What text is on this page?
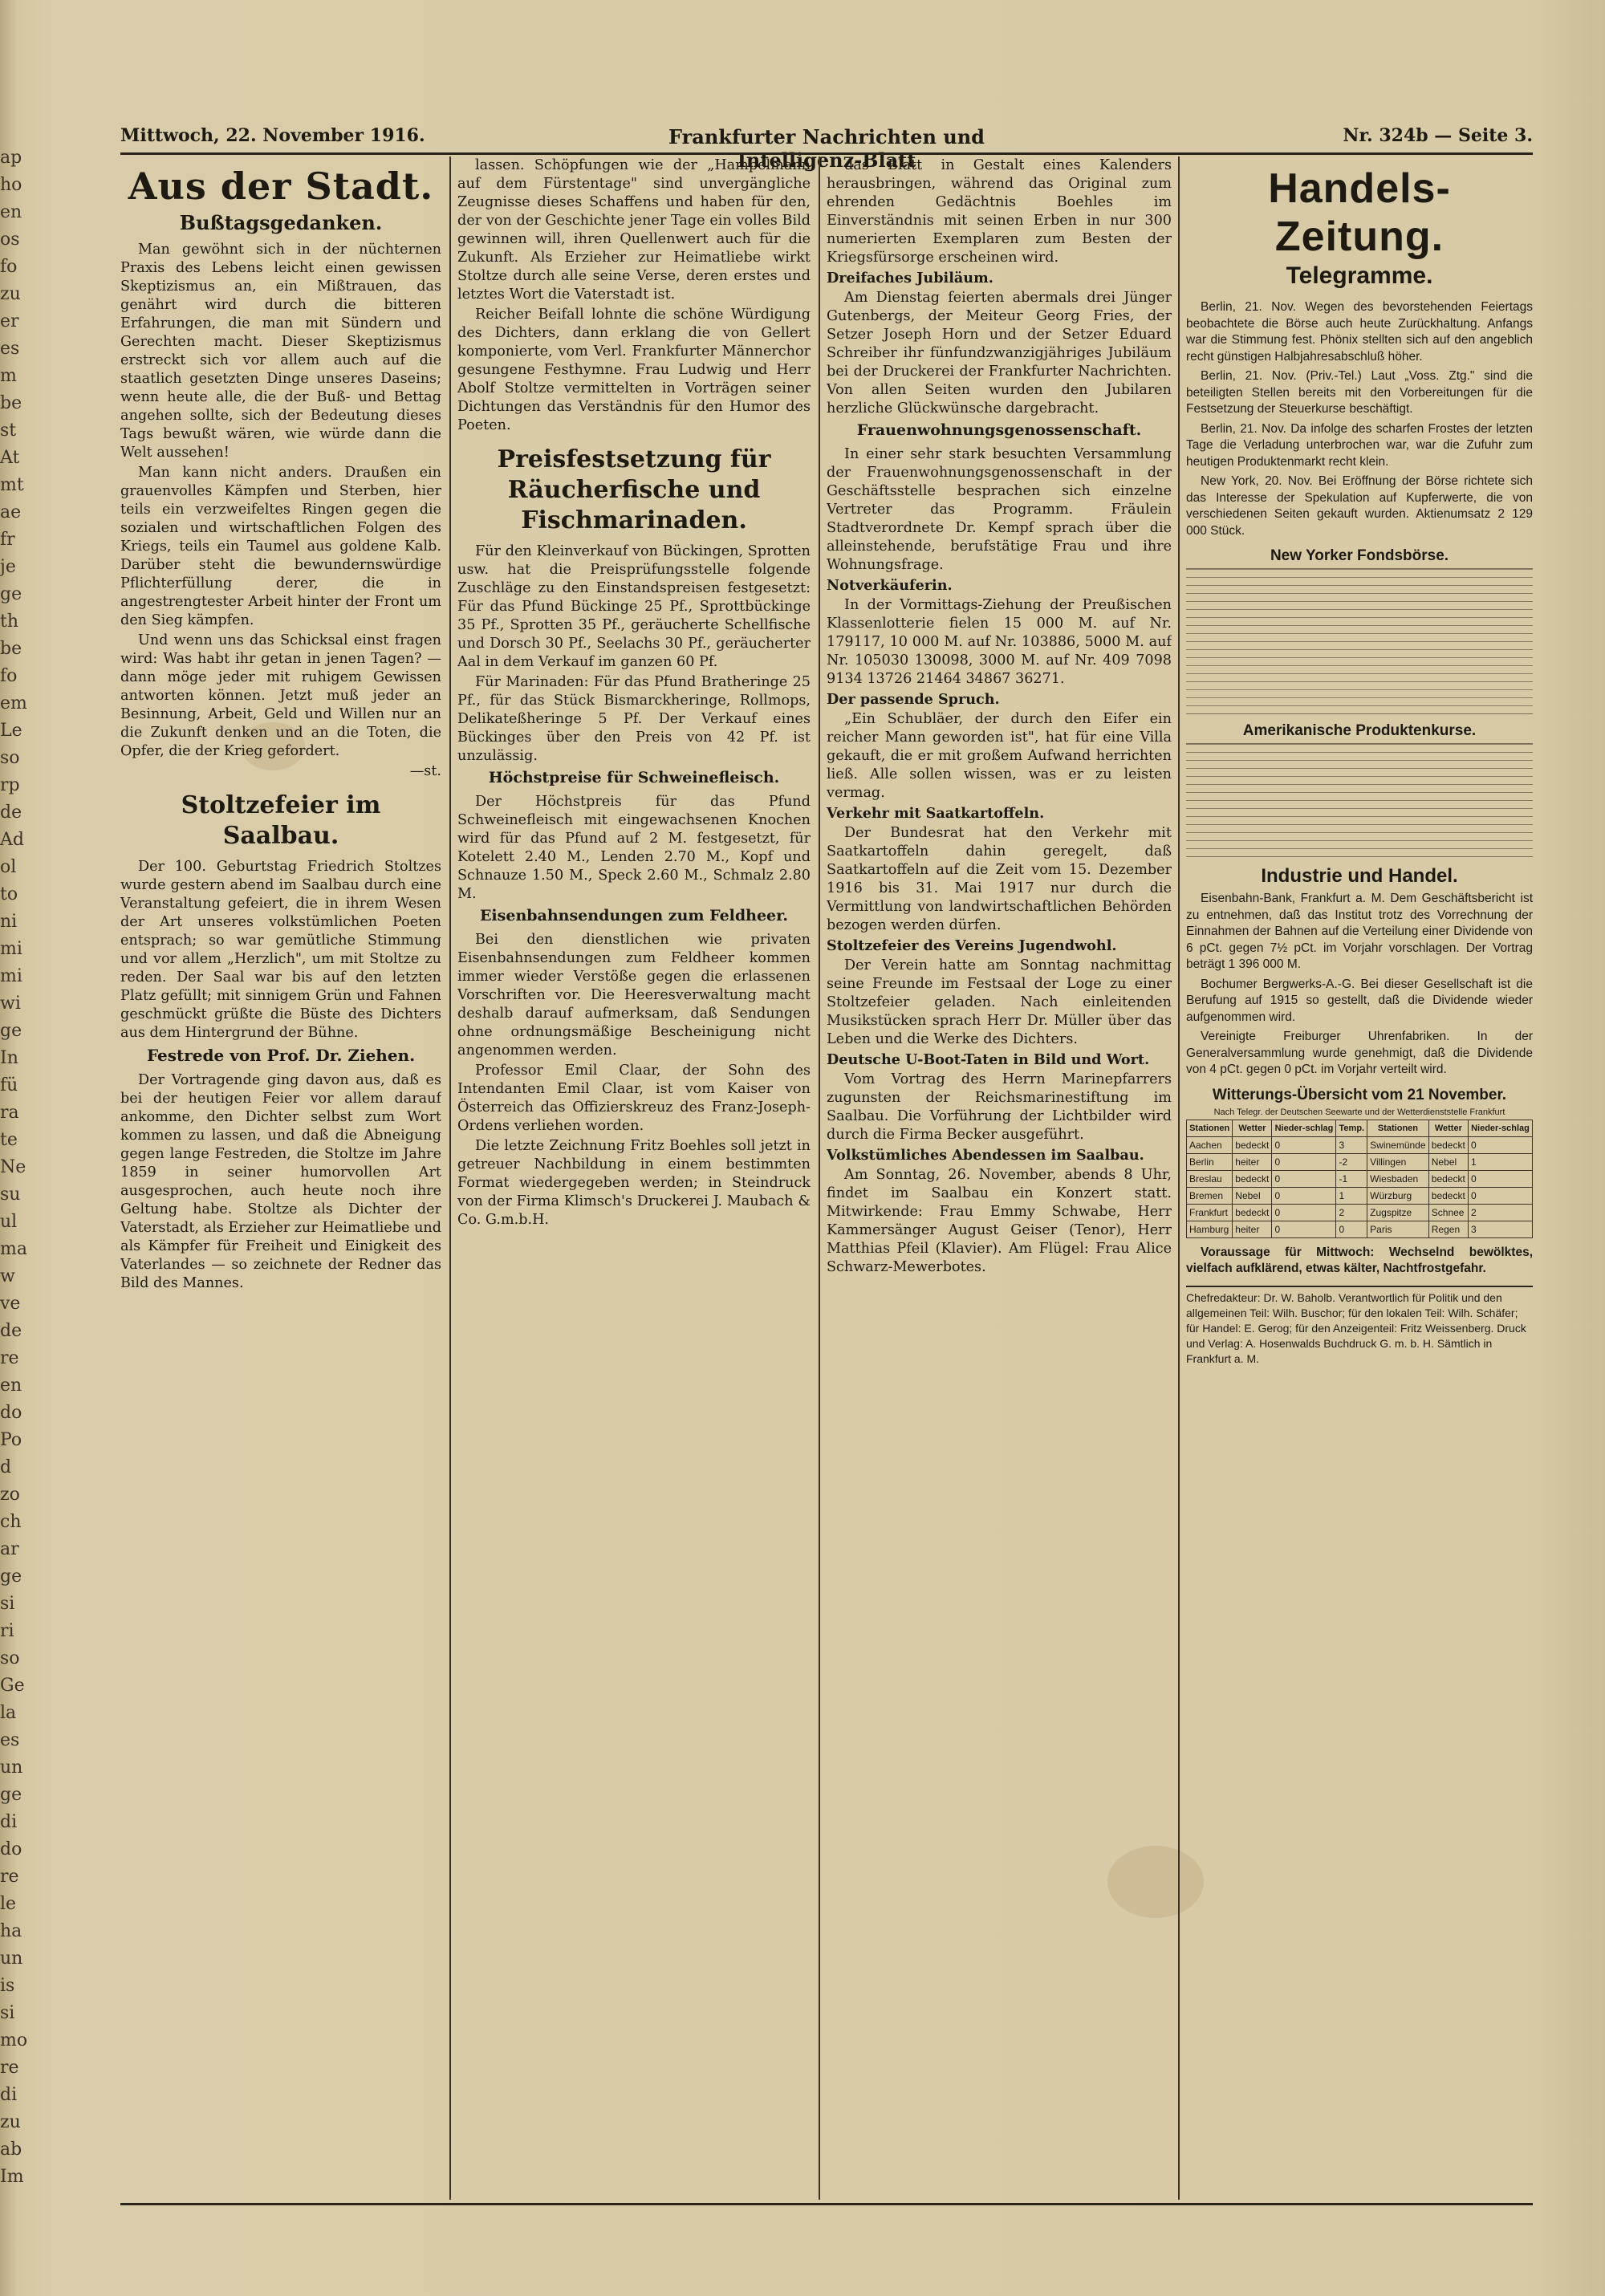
ap
ho
en
os
fo
zu
er
es
m
be
st
At
mt
ae
fr
je
ge
th
be
fo
em
Le
so
rp
de
Ad
ol
to
ni
mi
mi
wi
ge
In
fü
ra
te
Ne
su
ul
ma
w
ve
de
re
en
do
Po
d
zo
ch
ar
ge
si
ri
so
Ge
la
es
un
ge
di
do
re
le
ha
un
is
si
mo
re
di
zu
ab
Im
Mittwoch, 22. November 1916.	Frankfurter Nachrichten und Intelligenz-Blatt
Nr. 324b — Seite 3.
Aus der Stadt.
Bußtagsgedanken.

Man gewöhnt sich in der nüchternen Praxis des Lebens leicht einen gewissen Skeptizismus an, ein Mißtrauen, das genährt wird durch die bitteren Erfahrungen, die man mit Sündern und Gerechten macht. Dieser Skeptizismus erstreckt sich vor allem auch auf die staatlich gesetzten Dinge unseres Daseins; wenn heute alle, die der Buß- und Bettag angehen sollte, sich der Bedeutung dieses Tags bewußt wären, wie würde dann die Welt aussehen!

Man kann nicht anders. Draußen ein grauenvolles Kämpfen und Sterben, hier teils ein verzweifeltes Ringen gegen die sozialen und wirtschaftlichen Folgen des Kriegs, teils ein Taumel aus goldene Kalb. Darüber steht die bewundernswürdige Pflichterfüllung derer, die in angestrengtester Arbeit hinter der Front um den Sieg kämpfen.

Und wenn uns das Schicksal einst fragen wird: Was habt ihr getan in jenen Tagen? — dann möge jeder mit ruhigem Gewissen antworten können. Jetzt muß jeder an Besinnung, Arbeit, Geld und Willen nur an die Zukunft denken und an die Toten, die Opfer, die der Krieg gefordert.

—st.

Stoltzefeier im Saalbau.

Der 100. Geburtstag Friedrich Stoltzes wurde gestern abend im Saalbau durch eine Veranstaltung gefeiert, die in ihrem Wesen der Art unseres volkstümlichen Poeten entsprach; so war gemütliche Stimmung und vor allem „Herzlich", um mit Stoltze zu reden. Der Saal war bis auf den letzten Platz gefüllt; mit sinnigem Grün und Fahnen geschmückt grüßte die Büste des Dichters aus dem Hintergrund der Bühne.

Festrede von Prof. Dr. Ziehen.

Der Vortragende ging davon aus, daß es bei der heutigen Feier vor allem darauf ankomme, den Dichter selbst zum Wort kommen zu lassen, und daß die Abneigung gegen lange Festreden, die Stoltze im Jahre 1859 in seiner humorvollen Art ausgesprochen, auch heute noch ihre Geltung habe. Stoltze als Dichter der Vaterstadt, als Erzieher zur Heimatliebe und als Kämpfer für Freiheit und Einigkeit des Vaterlandes — so zeichnete der Redner das Bild des Mannes.

lassen. Schöpfungen wie der „Hampelmann auf dem Fürstentage" sind unvergängliche Zeugnisse dieses Schaffens und haben für den, der von der Geschichte jener Tage ein volles Bild gewinnen will, ihren Quellenwert auch für die Zukunft. Als Erzieher zur Heimatliebe wirkt Stoltze durch alle seine Verse, deren erstes und letztes Wort die Vaterstadt ist.

Reicher Beifall lohnte die schöne Würdigung des Dichters, dann erklang die von Gellert komponierte, vom Verl. Frankfurter Männerchor gesungene Festhymne. Frau Ludwig und Herr Abolf Stoltze vermittelten in Vorträgen seiner Dichtungen das Verständnis für den Humor des Poeten.

Preisfestsetzung für Räucherfische und Fischmarinaden.

Für den Kleinverkauf von Bückingen, Sprotten usw. hat die Preisprüfungsstelle folgende Zuschläge zu den Einstandspreisen festgesetzt: Für das Pfund Bückinge 25 Pf., Sprottbückinge 35 Pf., Sprotten 35 Pf., geräucherte Schellfische und Dorsch 30 Pf., Seelachs 30 Pf., geräucherter Aal in dem Verkauf im ganzen 60 Pf.

Für Marinaden: Für das Pfund Bratheringe 25 Pf., für das Stück Bismarckheringe, Rollmops, Delikateßheringe 5 Pf. Der Verkauf eines Bückinges über den Preis von 42 Pf. ist unzulässig.

Höchstpreise für Schweinefleisch.

Der Höchstpreis für das Pfund Schweinefleisch mit eingewachsenen Knochen wird für das Pfund auf 2 M. festgesetzt, für Kotelett 2.40 M., Lenden 2.70 M., Kopf und Schnauze 1.50 M., Speck 2.60 M., Schmalz 2.80 M.

Eisenbahnsendungen zum Feldheer.

Bei den dienstlichen wie privaten Eisenbahnsendungen zum Feldheer kommen immer wieder Verstöße gegen die erlassenen Vorschriften vor. Die Heeresverwaltung macht deshalb darauf aufmerksam, daß Sendungen ohne ordnungsmäßige Bescheinigung nicht angenommen werden.

Professor Emil Claar, der Sohn des Intendanten Emil Claar, ist vom Kaiser von Österreich das Offizierskreuz des Franz-Joseph-Ordens verliehen worden.

Die letzte Zeichnung Fritz Boehles soll jetzt in getreuer Nachbildung in einem bestimmten Format wiedergegeben werden; in Steindruck von der Firma Klimsch's Druckerei J. Maubach & Co. G.m.b.H.

das Blatt in Gestalt eines Kalenders herausbringen, während das Original zum ehrenden Gedächtnis Boehles im Einverständnis mit seinen Erben in nur 300 numerierten Exemplaren zum Besten der Kriegsfürsorge erscheinen wird.

Dreifaches Jubiläum.

Am Dienstag feierten abermals drei Jünger Gutenbergs, der Meiteur Georg Fries, der Setzer Joseph Horn und der Setzer Eduard Schreiber ihr fünfundzwanzigjähriges Jubiläum bei der Druckerei der Frankfurter Nachrichten. Von allen Seiten wurden den Jubilaren herzliche Glückwünsche dargebracht.

Frauenwohnungsgenossenschaft.

In einer sehr stark besuchten Versammlung der Frauenwohnungsgenossenschaft in der Geschäftsstelle besprachen sich einzelne Vertreter das Programm. Fräulein Stadtverordnete Dr. Kempf sprach über die alleinstehende, berufstätige Frau und ihre Wohnungsfrage.

Notverkäuferin.

In der Vormittags-Ziehung der Preußischen Klassenlotterie fielen 15 000 M. auf Nr. 179117, 10 000 M. auf Nr. 103886, 5000 M. auf Nr. 105030 130098, 3000 M. auf Nr. 409 7098 9134 13726 21464 34867 36271.

Der passende Spruch.

„Ein Schubläer, der durch den Eifer ein reicher Mann geworden ist", hat für eine Villa gekauft, die er mit großem Aufwand herrichten ließ. Alle sollen wissen, was er zu leisten vermag.

Verkehr mit Saatkartoffeln.

Der Bundesrat hat den Verkehr mit Saatkartoffeln dahin geregelt, daß Saatkartoffeln auf die Zeit vom 15. Dezember 1916 bis 31. Mai 1917 nur durch die Vermittlung von landwirtschaftlichen Behörden bezogen werden dürfen.

Stoltzefeier des Vereins Jugendwohl.

Der Verein hatte am Sonntag nachmittag seine Freunde im Festsaal der Loge zu einer Stoltzefeier geladen. Nach einleitenden Musikstücken sprach Herr Dr. Müller über das Leben und die Werke des Dichters.

Deutsche U-Boot-Taten in Bild und Wort.

Vom Vortrag des Herrn Marinepfarrers zugunsten der Reichsmarinestiftung im Saalbau. Die Vorführung der Lichtbilder wird durch die Firma Becker ausgeführt.

Volkstümliches Abendessen im Saalbau.

Am Sonntag, 26. November, abends 8 Uhr, findet im Saalbau ein Konzert statt. Mitwirkende: Frau Emmy Schwabe, Herr Kammersänger August Geiser (Tenor), Herr Matthias Pfeil (Klavier). Am Flügel: Frau Alice Schwarz-Mewerbotes.

Handels-Zeitung.
Telegramme.

Berlin, 21. Nov. Wegen des bevorstehenden Feiertags beobachtete die Börse auch heute Zurückhaltung. Anfangs war die Stimmung fest. Phönix stellten sich auf den angeblich recht günstigen Halbjahresabschluß höher.

Berlin, 21. Nov. (Priv.-Tel.) Laut „Voss. Ztg." sind die beteiligten Stellen bereits mit den Vorbereitungen für die Festsetzung der Steuerkurse beschäftigt.

Berlin, 21. Nov. Da infolge des scharfen Frostes der letzten Tage die Verladung unterbrochen war, war die Zufuhr zum heutigen Produktenmarkt recht klein.

New York, 20. Nov. Bei Eröffnung der Börse richtete sich das Interesse der Spekulation auf Kupferwerte, die von verschiedenen Seiten gekauft wurden. Aktienumsatz 2 129 000 Stück.

New Yorker Fondsbörse.
Amerikanische Produktenkurse.
Industrie und Handel.

Eisenbahn-Bank, Frankfurt a. M. Dem Geschäftsbericht ist zu entnehmen, daß das Institut trotz des Vorrechnung der Einnahmen der Bahnen auf die Verteilung einer Dividende von 6 pCt. gegen 7½ pCt. im Vorjahr vorschlagen. Der Vortrag beträgt 1 396 000 M.

Bochumer Bergwerks-A.-G. Bei dieser Gesellschaft ist die Berufung auf 1915 so gestellt, daß die Dividende wieder aufgenommen wird.

Vereinigte Freiburger Uhrenfabriken. In der Generalversammlung wurde genehmigt, daß die Dividende von 4 pCt. gegen 0 pCt. im Vorjahr verteilt wird.

Witterungs-Übersicht vom 21 November.
Nach Telegr. der Deutschen Seewarte und der Wetterdienststelle Frankfurt
Stationen	Wetter	Nieder-schlag	Temp.	Stationen	Wetter	Nieder-schlag
Aachen	bedeckt	0	3	Swinemünde	bedeckt	0
Berlin	heiter	0	-2	Villingen	Nebel	1
Breslau	bedeckt	0	-1	Wiesbaden	bedeckt	0
Bremen	Nebel	0	1	Würzburg	bedeckt	0
Frankfurt	bedeckt	0	2	Zugspitze	Schnee	2
Hamburg	heiter	0	0	Paris	Regen	3

Voraussage für Mittwoch: Wechselnd bewölktes, vielfach aufklärend, etwas kälter, Nachtfrostgefahr.

Chefredakteur: Dr. W. Baholb. Verantwortlich für Politik und den allgemeinen Teil: Wilh. Buschor; für den lokalen Teil: Wilh. Schäfer; für Handel: E. Gerog; für den Anzeigenteil: Fritz Weissenberg. Druck und Verlag: A. Hosenwalds Buchdruck G. m. b. H. Sämtlich in Frankfurt a. M.
